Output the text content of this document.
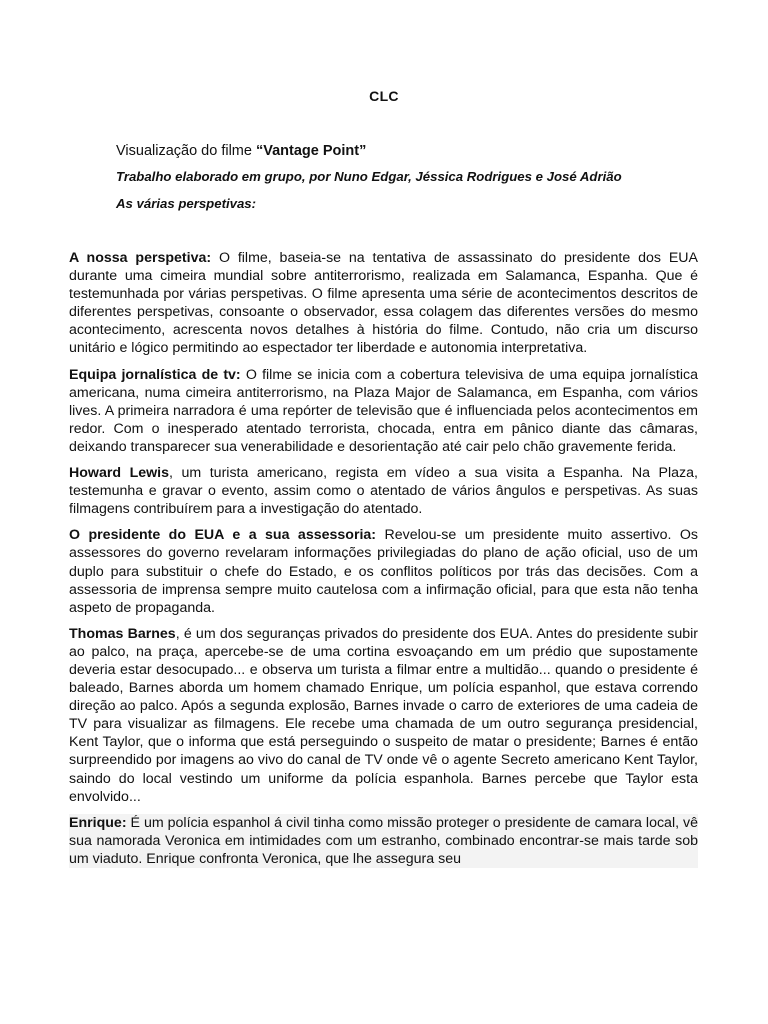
CLC
Visualização do filme “Vantage Point”
Trabalho elaborado em grupo, por Nuno Edgar, Jéssica Rodrigues e José Adrião
As várias perspetivas:

A nossa perspetiva: O filme, baseia-se na tentativa de assassinato do presidente dos EUA durante uma cimeira mundial sobre antiterrorismo, realizada em Salamanca, Espanha. Que é testemunhada por várias perspetivas. O filme apresenta uma série de acontecimentos descritos de diferentes perspetivas, consoante o observador, essa colagem das diferentes versões do mesmo acontecimento, acrescenta novos detalhes à história do filme. Contudo, não cria um discurso unitário e lógico permitindo ao espectador ter liberdade e autonomia interpretativa.

Equipa jornalística de tv: O filme se inicia com a cobertura televisiva de uma equipa jornalística americana, numa cimeira antiterrorismo, na Plaza Major de Salamanca, em Espanha, com vários lives. A primeira narradora é uma repórter de televisão que é influenciada pelos acontecimentos em redor. Com o inesperado atentado terrorista, chocada, entra em pânico diante das câmaras, deixando transparecer sua venerabilidade e desorientação até cair pelo chão gravemente ferida.

Howard Lewis, um turista americano, regista em vídeo a sua visita a Espanha. Na Plaza, testemunha e gravar o evento, assim como o atentado de vários ângulos e perspetivas. As suas filmagens contribuírem para a investigação do atentado.

O presidente do EUA e a sua assessoria: Revelou-se um presidente muito assertivo. Os assessores do governo revelaram informações privilegiadas do plano de ação oficial, uso de um duplo para substituir o chefe do Estado, e os conflitos políticos por trás das decisões. Com a assessoria de imprensa sempre muito cautelosa com a infirmação oficial, para que esta não tenha aspeto de propaganda.

Thomas Barnes, é um dos seguranças privados do presidente dos EUA. Antes do presidente subir ao palco, na praça, apercebe-se de uma cortina esvoaçando em um prédio que supostamente deveria estar desocupado... e observa um turista a filmar entre a multidão... quando o presidente é baleado, Barnes aborda um homem chamado Enrique, um polícia espanhol, que estava correndo direção ao palco. Após a segunda explosão, Barnes invade o carro de exteriores de uma cadeia de TV para visualizar as filmagens. Ele recebe uma chamada de um outro segurança presidencial, Kent Taylor, que o informa que está perseguindo o suspeito de matar o presidente; Barnes é então surpreendido por imagens ao vivo do canal de TV onde vê o agente Secreto americano Kent Taylor, saindo do local vestindo um uniforme da polícia espanhola. Barnes percebe que Taylor esta envolvido...

Enrique: É um polícia espanhol á civil tinha como missão proteger o presidente de camara local, vê sua namorada Veronica em intimidades com um estranho, combinado encontrar-se mais tarde sob um viaduto. Enrique confronta Veronica, que lhe assegura seu
